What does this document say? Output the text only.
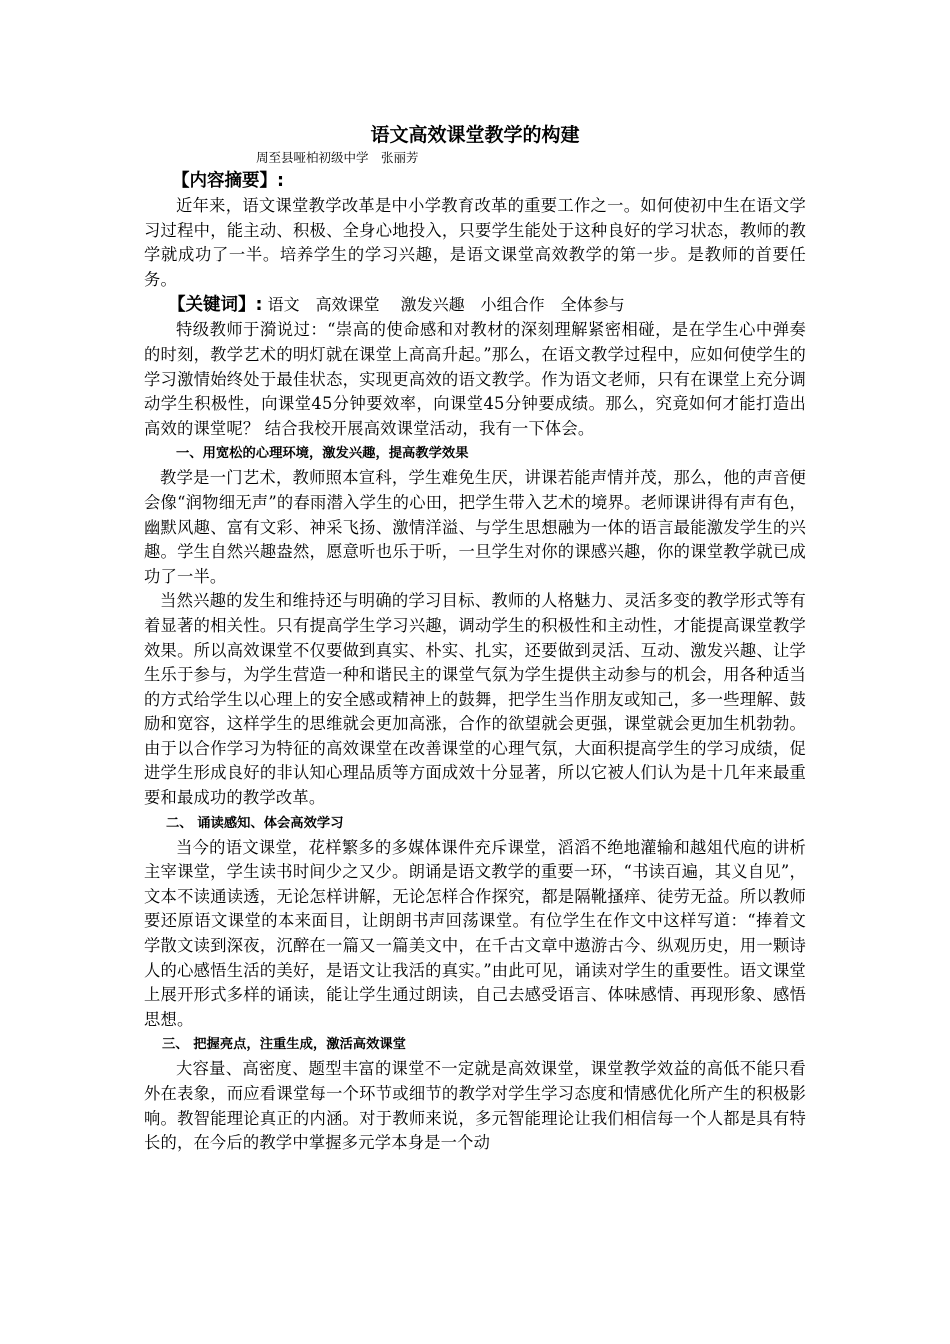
语文高效课堂教学的构建

周至县哑柏初级中学　张丽芳

【内容摘要】:

近年来，语文课堂教学改革是中小学教育改革的重要工作之一。如何使初中生在语文学习过程中，能主动、积极、全身心地投入，只要学生能处于这种良好的学习状态，教师的教学就成功了一半。培养学生的学习兴趣，是语文课堂高效教学的第一步。是教师的首要任务。

【关键词】: 语文　高效课堂　 激发兴趣　小组合作　全体参与

特级教师于漪说过：“崇高的使命感和对教材的深刻理解紧密相碰，是在学生心中弹奏的时刻，教学艺术的明灯就在课堂上高高升起。”那么，在语文教学过程中，应如何使学生的学习激情始终处于最佳状态，实现更高效的语文教学。作为语文老师，只有在课堂上充分调动学生积极性，向课堂45分钟要效率，向课堂45分钟要成绩。那么，究竟如何才能打造出高效的课堂呢？ 结合我校开展高效课堂活动，我有一下体会。

一、用宽松的心理环境，激发兴趣，提高教学效果

教学是一门艺术，教师照本宣科，学生难免生厌，讲课若能声情并茂，那么，他的声音便会像“润物细无声”的春雨潜入学生的心田，把学生带入艺术的境界。老师课讲得有声有色，幽默风趣、富有文彩、神采飞扬、激情洋溢、与学生思想融为一体的语言最能激发学生的兴趣。学生自然兴趣盎然，愿意听也乐于听，一旦学生对你的课感兴趣，你的课堂教学就已成功了一半。

当然兴趣的发生和维持还与明确的学习目标、教师的人格魅力、灵活多变的教学形式等有着显著的相关性。只有提高学生学习兴趣，调动学生的积极性和主动性，才能提高课堂教学效果。所以高效课堂不仅要做到真实、朴实、扎实，还要做到灵活、互动、激发兴趣、让学生乐于参与，为学生营造一种和谐民主的课堂气氛为学生提供主动参与的机会，用各种适当的方式给学生以心理上的安全感或精神上的鼓舞，把学生当作朋友或知己，多一些理解、鼓励和宽容，这样学生的思维就会更加高涨，合作的欲望就会更强，课堂就会更加生机勃勃。由于以合作学习为特征的高效课堂在改善课堂的心理气氛，大面积提高学生的学习成绩，促进学生形成良好的非认知心理品质等方面成效十分显著，所以它被人们认为是十几年来最重要和最成功的教学改革。

二、 诵读感知、体会高效学习

当今的语文课堂，花样繁多的多媒体课件充斥课堂，滔滔不绝地灌输和越俎代庖的讲析主宰课堂，学生读书时间少之又少。朗诵是语文教学的重要一环，“书读百遍，其义自见”，文本不读通读透，无论怎样讲解，无论怎样合作探究，都是隔靴搔痒、徒劳无益。所以教师要还原语文课堂的本来面目，让朗朗书声回荡课堂。有位学生在作文中这样写道：“捧着文学散文读到深夜，沉醉在一篇又一篇美文中，在千古文章中遨游古今、纵观历史，用一颗诗人的心感悟生活的美好，是语文让我活的真实。”由此可见，诵读对学生的重要性。语文课堂上展开形式多样的诵读，能让学生通过朗读，自己去感受语言、体味感情、再现形象、感悟思想。

三、 把握亮点，注重生成，激活高效课堂

大容量、高密度、题型丰富的课堂不一定就是高效课堂，课堂教学效益的高低不能只看外在表象，而应看课堂每一个环节或细节的教学对学生学习态度和情感优化所产生的积极影响。教智能理论真正的内涵。对于教师来说，多元智能理论让我们相信每一个人都是具有特长的，在今后的教学中掌握多元学本身是一个动
